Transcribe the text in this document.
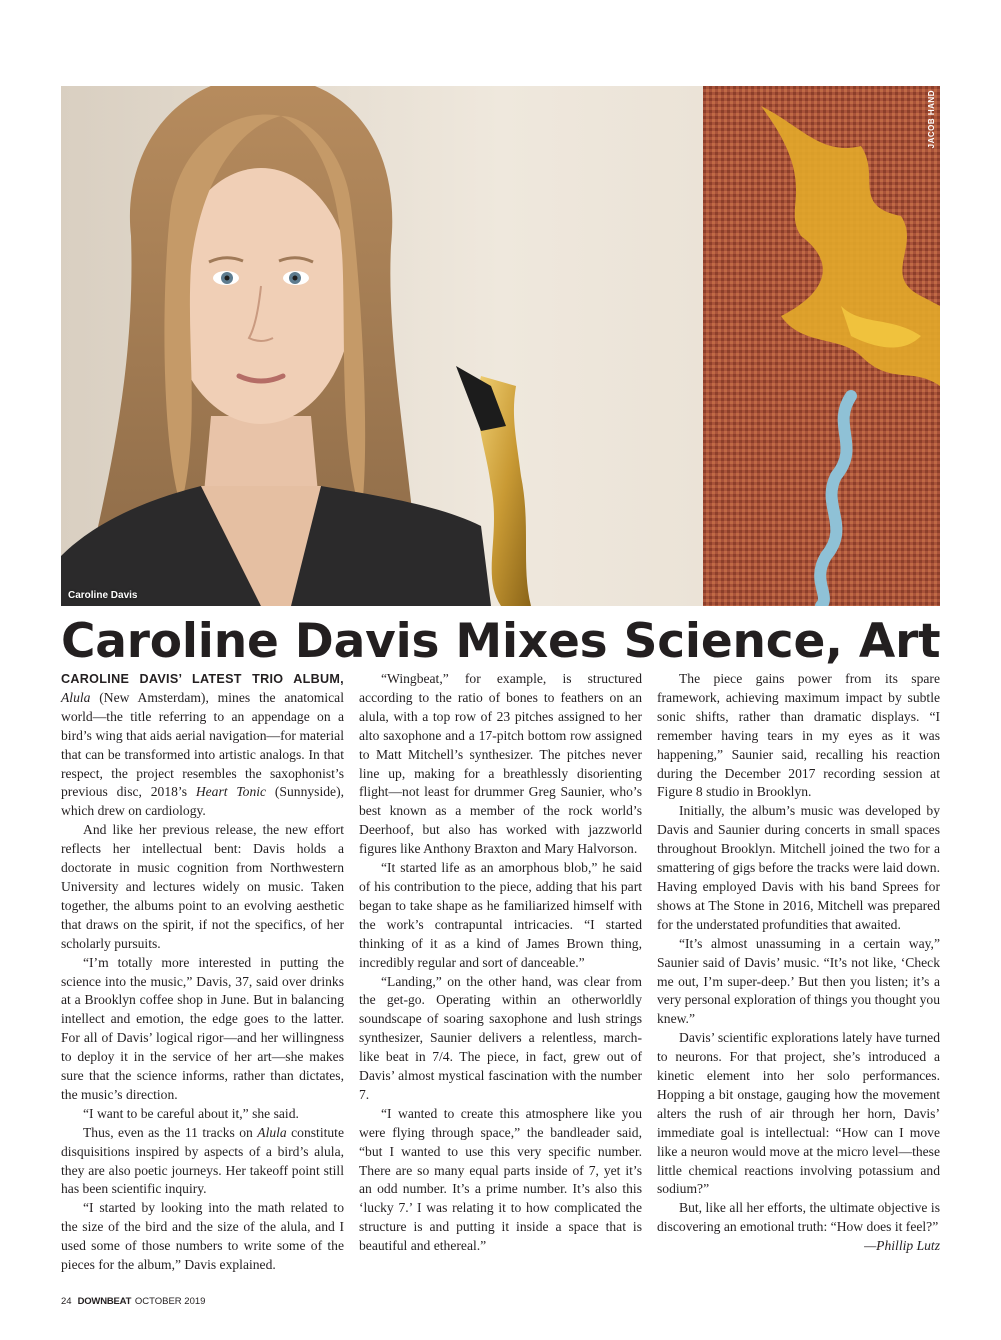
Caroline Davis
JACOB HAND
Caroline Davis Mixes Science, Art

CAROLINE DAVIS’ LATEST TRIO ALBUM, Alula (New Amsterdam), mines the anatomical world—the title referring to an appendage on a bird’s wing that aids aerial navigation—for material that can be transformed into artistic analogs. In that respect, the project resembles the saxophonist’s previous disc, 2018’s Heart Tonic (Sunnyside), which drew on cardiology.

And like her previous release, the new effort reflects her intellectual bent: Davis holds a doctorate in music cognition from Northwestern University and lectures widely on music. Taken together, the albums point to an evolving aesthetic that draws on the spirit, if not the specifics, of her scholarly pursuits.

“I’m totally more interested in putting the science into the music,” Davis, 37, said over drinks at a Brooklyn coffee shop in June. But in balancing intellect and emotion, the edge goes to the latter. For all of Davis’ logical rigor—and her willingness to deploy it in the service of her art—she makes sure that the science informs, rather than dictates, the music’s direction.

“I want to be careful about it,” she said.

Thus, even as the 11 tracks on Alula constitute disquisitions inspired by aspects of a bird’s alula, they are also poetic journeys. Her takeoff point still has been scientific inquiry.

“I started by looking into the math related to the size of the bird and the size of the alula, and I used some of those numbers to write some of the pieces for the album,” Davis explained.

“Wingbeat,” for example, is structured according to the ratio of bones to feathers on an alula, with a top row of 23 pitches assigned to her alto saxophone and a 17-pitch bottom row assigned to Matt Mitchell’s synthesizer. The pitches never line up, making for a breathlessly disorienting flight—not least for drummer Greg Saunier, who’s best known as a member of the rock world’s Deerhoof, but also has worked with jazzworld figures like Anthony Braxton and Mary Halvorson.

“It started life as an amorphous blob,” he said of his contribution to the piece, adding that his part began to take shape as he familiarized himself with the work’s contrapuntal intricacies. “I started thinking of it as a kind of James Brown thing, incredibly regular and sort of danceable.”

“Landing,” on the other hand, was clear from the get-go. Operating within an otherworldly soundscape of soaring saxophone and lush strings synthesizer, Saunier delivers a relentless, march-like beat in 7/4. The piece, in fact, grew out of Davis’ almost mystical fascination with the number 7.

“I wanted to create this atmosphere like you were flying through space,” the bandleader said, “but I wanted to use this very specific number. There are so many equal parts inside of 7, yet it’s an odd number. It’s a prime number. It’s also this ‘lucky 7.’ I was relating it to how complicated the structure is and putting it inside a space that is beautiful and ethereal.”

The piece gains power from its spare framework, achieving maximum impact by subtle sonic shifts, rather than dramatic displays. “I remember having tears in my eyes as it was happening,” Saunier said, recalling his reaction during the December 2017 recording session at Figure 8 studio in Brooklyn.

Initially, the album’s music was developed by Davis and Saunier during concerts in small spaces throughout Brooklyn. Mitchell joined the two for a smattering of gigs before the tracks were laid down. Having employed Davis with his band Sprees for shows at The Stone in 2016, Mitchell was prepared for the understated profundities that awaited.

“It’s almost unassuming in a certain way,” Saunier said of Davis’ music. “It’s not like, ‘Check me out, I’m super-deep.’ But then you listen; it’s a very personal exploration of things you thought you knew.”

Davis’ scientific explorations lately have turned to neurons. For that project, she’s introduced a kinetic element into her solo performances. Hopping a bit onstage, gauging how the movement alters the rush of air through her horn, Davis’ immediate goal is intellectual: “How can I move like a neuron would move at the micro level—these little chemical reactions involving potassium and sodium?”

But, like all her efforts, the ultimate objective is discovering an emotional truth: “How does it feel?”
—Phillip Lutz

24 DOWNBEAT OCTOBER 2019
